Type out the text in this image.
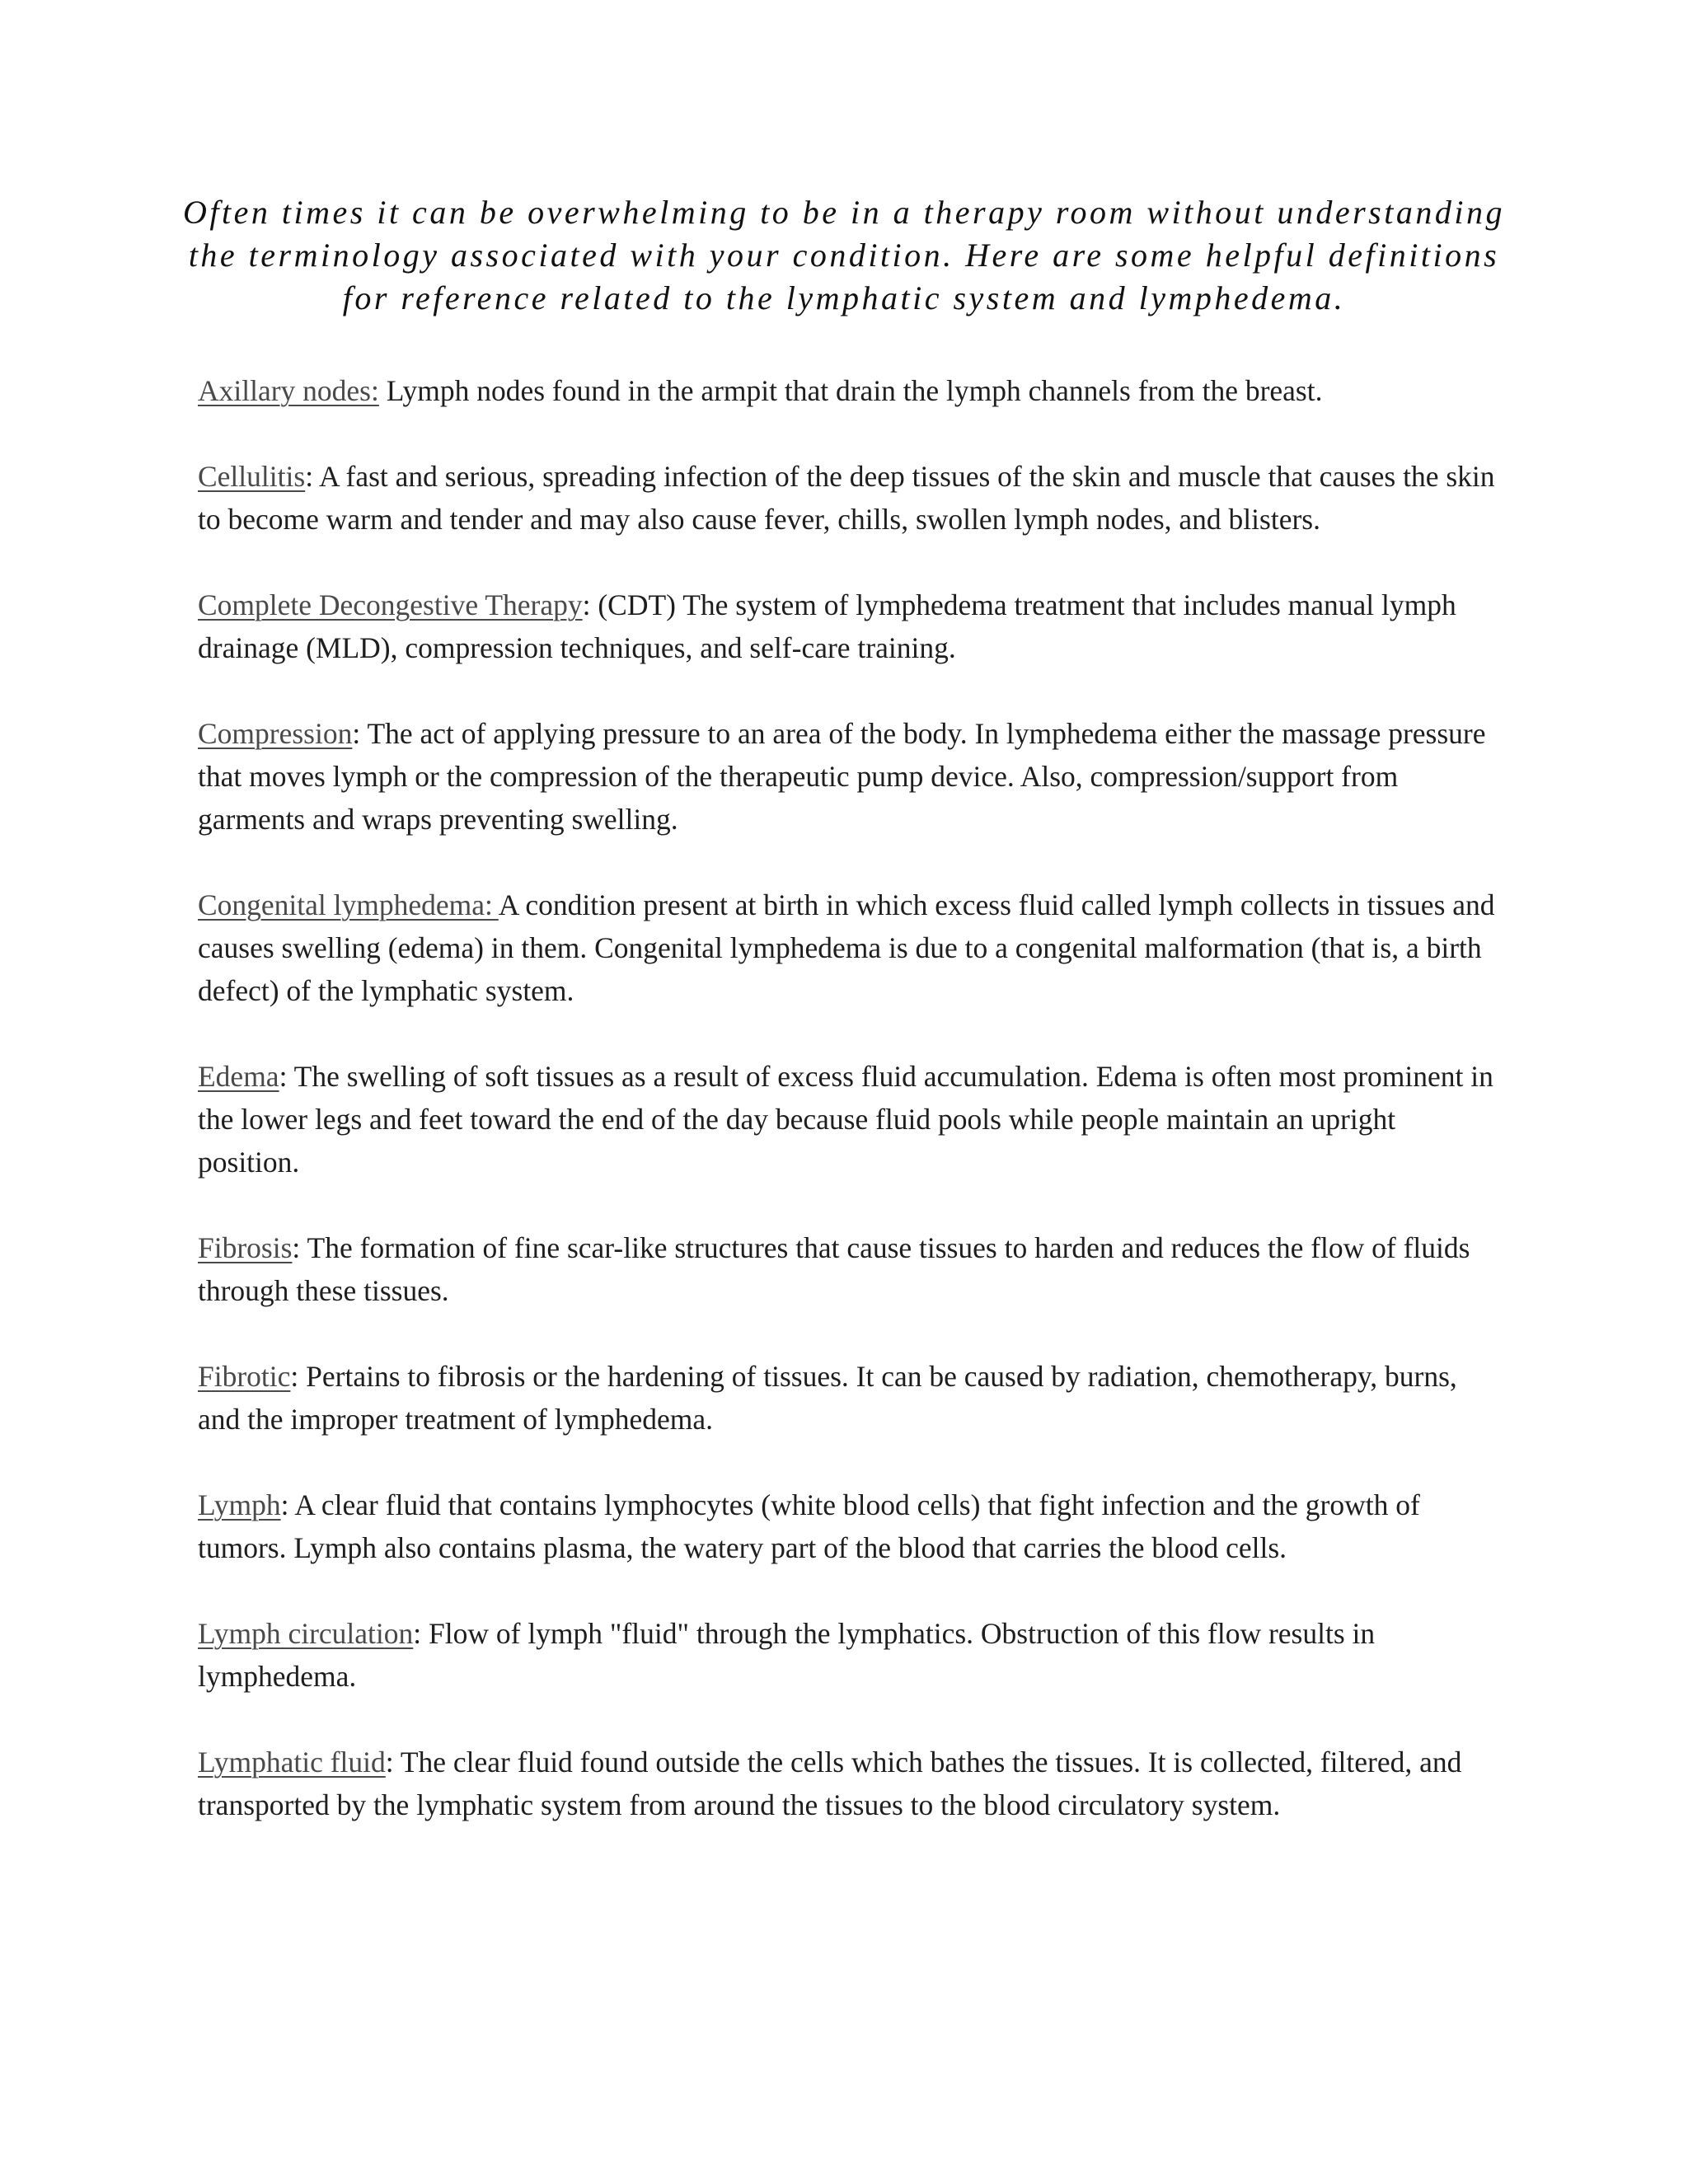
Often times it can be overwhelming to be in a therapy room without understanding the terminology associated with your condition. Here are some helpful definitions for reference related to the lymphatic system and lymphedema.

Axillary nodes: Lymph nodes found in the armpit that drain the lymph channels from the breast.
Cellulitis: A fast and serious, spreading infection of the deep tissues of the skin and muscle that causes the skin to become warm and tender and may also cause fever, chills, swollen lymph nodes, and blisters.
Complete Decongestive Therapy: (CDT) The system of lymphedema treatment that includes manual lymph drainage (MLD), compression techniques, and self-care training.
Compression: The act of applying pressure to an area of the body. In lymphedema either the massage pressure that moves lymph or the compression of the therapeutic pump device. Also, compression/support from garments and wraps preventing swelling.
Congenital lymphedema: A condition present at birth in which excess fluid called lymph collects in tissues and causes swelling (edema) in them. Congenital lymphedema is due to a congenital malformation (that is, a birth defect) of the lymphatic system.
Edema: The swelling of soft tissues as a result of excess fluid accumulation. Edema is often most prominent in the lower legs and feet toward the end of the day because fluid pools while people maintain an upright position.
Fibrosis: The formation of fine scar-like structures that cause tissues to harden and reduces the flow of fluids through these tissues.
Fibrotic: Pertains to fibrosis or the hardening of tissues. It can be caused by radiation, chemotherapy, burns, and the improper treatment of lymphedema.
Lymph: A clear fluid that contains lymphocytes (white blood cells) that fight infection and the growth of tumors. Lymph also contains plasma, the watery part of the blood that carries the blood cells.
Lymph circulation: Flow of lymph "fluid" through the lymphatics. Obstruction of this flow results in lymphedema.
Lymphatic fluid: The clear fluid found outside the cells which bathes the tissues. It is collected, filtered, and transported by the lymphatic system from around the tissues to the blood circulatory system.
